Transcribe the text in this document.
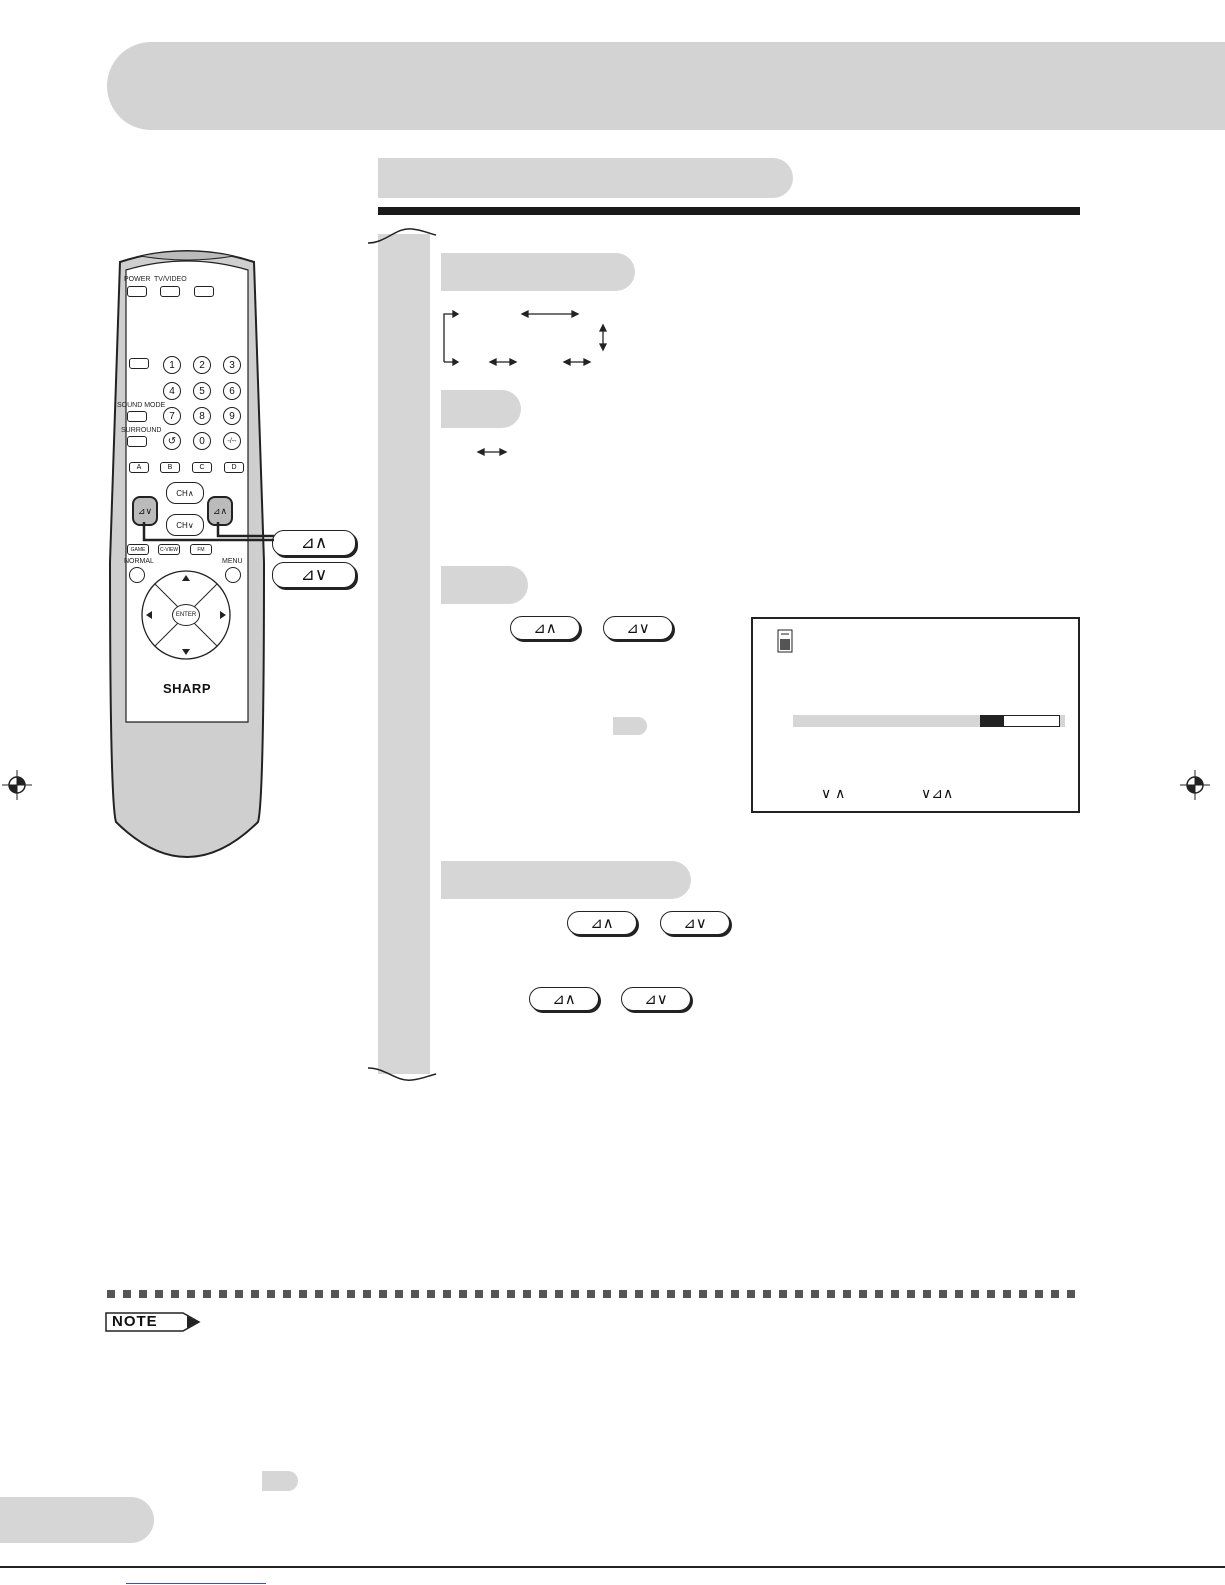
⊿∧	⊿∨
∨ ∧	∨⊿∧
⊿∧	⊿∨
⊿∧	⊿∨
⊿∧
⊿∨
POWER TV/VIDEO
1	2	3
4	5	6
SOUND MODE
7	8	9
SURROUND
↺	0	-/--
A	B	C	D
⊿∨	⊿∧
CH∧
CH∨
GAME	C-VIEW	FM
NORMAL	MENU
ENTER
SHARP
NOTE
